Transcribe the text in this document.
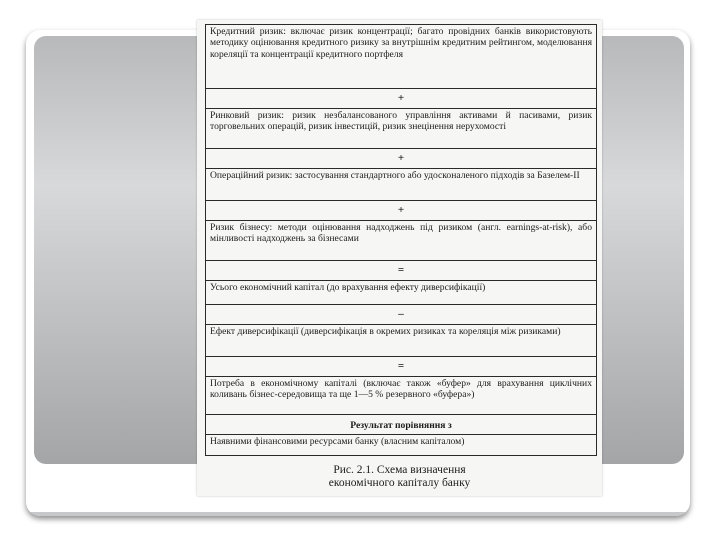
Кредитний ризик: включає ризик концентрації; багато провідних банків використовують методику оцінювання кредитного ризику за внутрішнім кредитним рейтингом, моделювання кореляції та концентрації кредитного портфеля
+
Ринковий ризик: ризик незбалансованого управління активами й пасивами, ризик торговельних операцій, ризик інвестицій, ризик знецінення нерухомості
+
Операційний ризик: застосування стандартного або удосконаленого підходів за Базелем-II
+
Ризик бізнесу: методи оцінювання надходжень під ризиком (англ. earnings-at-risk), або мінливості надходжень за бізнесами
=
Усього економічний капітал (до врахування ефекту диверсифікації)
–
Ефект диверсифікації (диверсифікація в окремих ризиках та кореляція між ризиками)
=
Потреба в економічному капіталі (включає також «буфер» для врахування циклічних коливань бізнес-середовища та ще 1—5 % резервного «буфера»)
Результат порівняння з
Наявними фінансовими ресурсами банку (власним капіталом)
Рис. 2.1. Схема визначення
економічного капіталу банку
